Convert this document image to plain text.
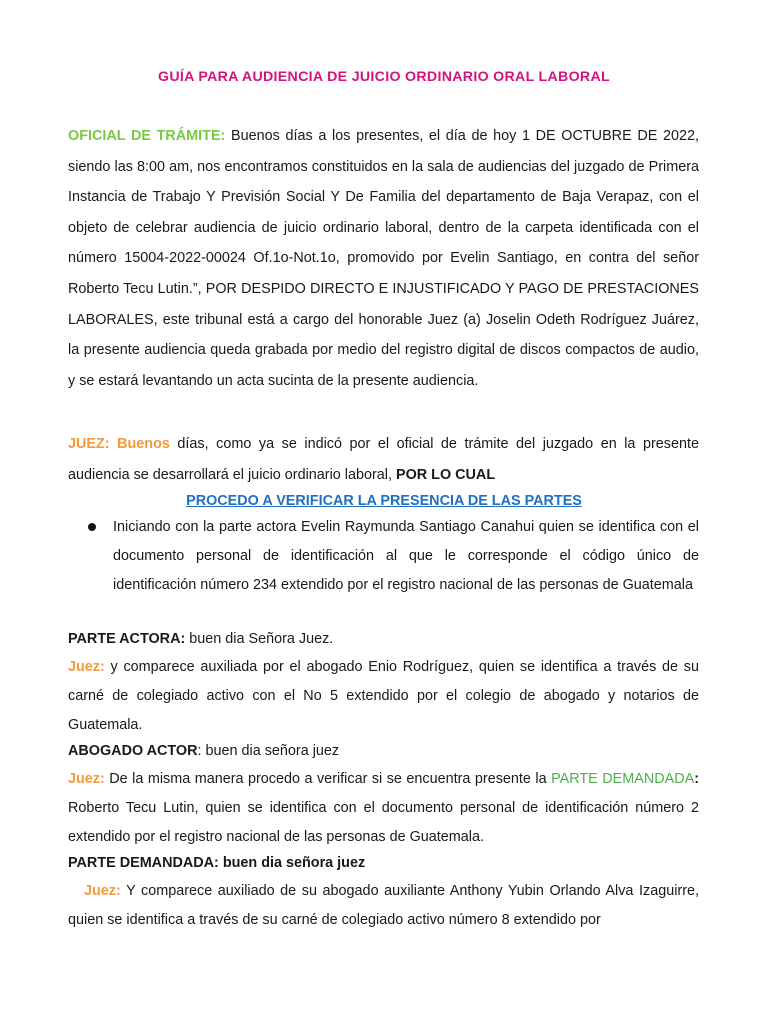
GUÍA PARA AUDIENCIA DE JUICIO ORDINARIO ORAL LABORAL
OFICIAL DE TRÁMITE: Buenos días a los presentes, el día de hoy 1 DE OCTUBRE DE 2022, siendo las 8:00 am, nos encontramos constituidos en la sala de audiencias del juzgado de Primera Instancia de Trabajo Y Previsión Social Y De Familia del departamento de Baja Verapaz, con el objeto de celebrar audiencia de juicio ordinario laboral, dentro de la carpeta identificada con el número 15004-2022-00024 Of.1o-Not.1o, promovido por Evelin Santiago, en contra del señor Roberto Tecu Lutin.”, POR DESPIDO DIRECTO E INJUSTIFICADO Y PAGO DE PRESTACIONES LABORALES, este tribunal está a cargo del honorable Juez (a) Joselin Odeth Rodríguez Juárez, la presente audiencia queda grabada por medio del registro digital de discos compactos de audio, y se estará levantando un acta sucinta de la presente audiencia.
JUEZ: Buenos días, como ya se indicó por el oficial de trámite del juzgado en la presente audiencia se desarrollará el juicio ordinario laboral, POR LO CUAL
PROCEDO A VERIFICAR LA PRESENCIA DE LAS PARTES
Iniciando con la parte actora Evelin Raymunda Santiago Canahui quien se identifica con el documento personal de identificación al que le corresponde el código único de identificación número 234 extendido por el registro nacional de las personas de Guatemala
PARTE ACTORA: buen dia Señora Juez.
Juez: y comparece auxiliada por el abogado Enio Rodríguez, quien se identifica a través de su carné de colegiado activo con el No 5 extendido por el colegio de abogado y notarios de Guatemala.
ABOGADO ACTOR: buen dia señora juez
Juez: De la misma manera procedo a verificar si se encuentra presente la PARTE DEMANDADA: Roberto Tecu Lutin, quien se identifica con el documento personal de identificación número 2 extendido por el registro nacional de las personas de Guatemala.
PARTE DEMANDADA: buen dia señora juez
Juez: Y comparece auxiliado de su abogado auxiliante Anthony Yubin Orlando Alva Izaguirre, quien se identifica a través de su carné de colegiado activo número 8 extendido por
